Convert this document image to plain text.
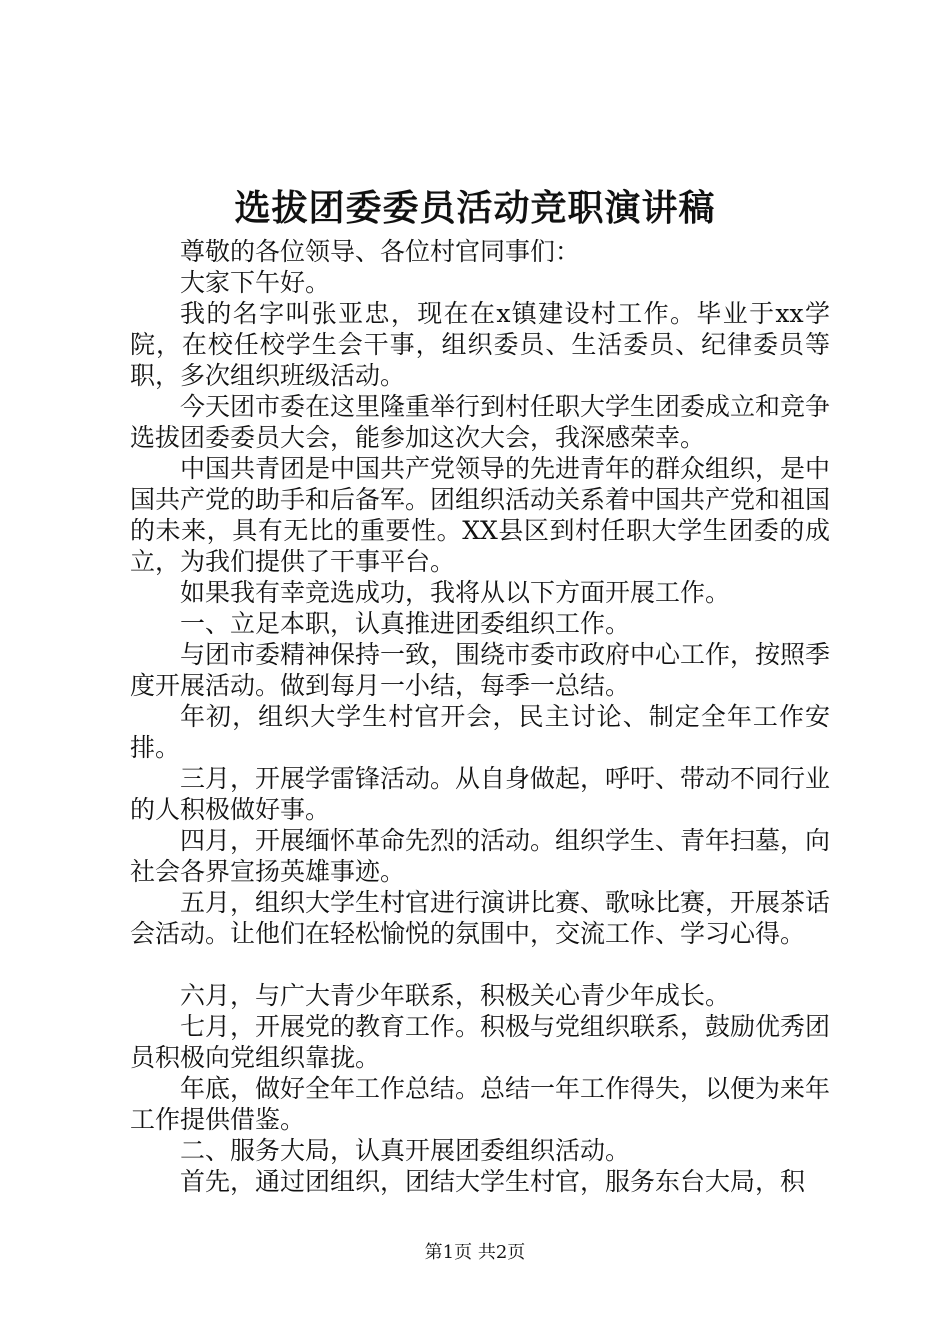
选拔团委委员活动竞职演讲稿

尊敬的各位领导、各位村官同事们：

大家下午好。

我的名字叫张亚忠，现在在x镇建设村工作。毕业于xx学院，在校任校学生会干事，组织委员、生活委员、纪律委员等职，多次组织班级活动。

今天团市委在这里隆重举行到村任职大学生团委成立和竞争选拔团委委员大会，能参加这次大会，我深感荣幸。

中国共青团是中国共产党领导的先进青年的群众组织，是中国共产党的助手和后备军。团组织活动关系着中国共产党和祖国的未来，具有无比的重要性。XX县区到村任职大学生团委的成立，为我们提供了干事平台。

如果我有幸竞选成功，我将从以下方面开展工作。

一、立足本职，认真推进团委组织工作。

与团市委精神保持一致，围绕市委市政府中心工作，按照季度开展活动。做到每月一小结，每季一总结。

年初，组织大学生村官开会，民主讨论、制定全年工作安排。

三月，开展学雷锋活动。从自身做起，呼吁、带动不同行业的人积极做好事。

四月，开展缅怀革命先烈的活动。组织学生、青年扫墓，向社会各界宣扬英雄事迹。

五月，组织大学生村官进行演讲比赛、歌咏比赛，开展茶话会活动。让他们在轻松愉悦的氛围中，交流工作、学习心得。

六月，与广大青少年联系，积极关心青少年成长。

七月，开展党的教育工作。积极与党组织联系，鼓励优秀团员积极向党组织靠拢。

年底，做好全年工作总结。总结一年工作得失，以便为来年工作提供借鉴。

二、服务大局，认真开展团委组织活动。

首先，通过团组织，团结大学生村官，服务东台大局，积

第1页 共2页
